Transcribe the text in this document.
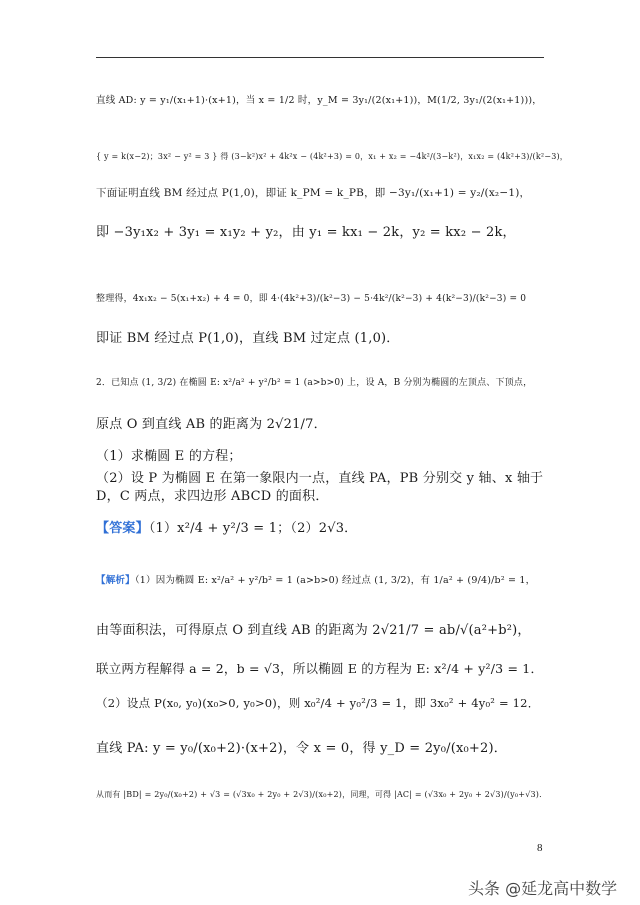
直线 AD: y = y₁/(x₁+1)·(x+1)，当 x = 1/2 时，y_M = 3y₁/(2(x₁+1))，M(1/2, 3y₁/(2(x₁+1)))，
{ y = k(x−2)；3x² − y² = 3 } 得 (3−k²)x² + 4k²x − (4k²+3) = 0，x₁ + x₂ = −4k²/(3−k²)，x₁x₂ = (4k²+3)/(k²−3)，
下面证明直线 BM 经过点 P(1,0)，即证 k_PM = k_PB，即 −3y₁/(x₁+1) = y₂/(x₂−1)，
即 −3y₁x₂ + 3y₁ = x₁y₂ + y₂，由 y₁ = kx₁ − 2k，y₂ = kx₂ − 2k，
整理得，4x₁x₂ − 5(x₁+x₂) + 4 = 0，即 4·(4k²+3)/(k²−3) − 5·4k²/(k²−3) + 4(k²−3)/(k²−3) = 0
即证 BM 经过点 P(1,0)，直线 BM 过定点 (1,0)．
2．已知点 (1, 3/2) 在椭圆 E: x²/a² + y²/b² = 1 (a>b>0) 上，设 A，B 分别为椭圆的左顶点、下顶点，
原点 O 到直线 AB 的距离为 2√21/7．
（1）求椭圆 E 的方程；
（2）设 P 为椭圆 E 在第一象限内一点，直线 PA，PB 分别交 y 轴、x 轴于 D，C 两点，求四边形 ABCD 的面积．
【答案】（1）x²/4 + y²/3 = 1；（2）2√3．
【解析】（1）因为椭圆 E: x²/a² + y²/b² = 1 (a>b>0) 经过点 (1, 3/2)，有 1/a² + (9/4)/b² = 1，
由等面积法，可得原点 O 到直线 AB 的距离为 2√21/7 = ab/√(a²+b²)，
联立两方程解得 a = 2，b = √3，所以椭圆 E 的方程为 E: x²/4 + y²/3 = 1．
（2）设点 P(x₀, y₀)(x₀>0, y₀>0)，则 x₀²/4 + y₀²/3 = 1，即 3x₀² + 4y₀² = 12．
直线 PA: y = y₀/(x₀+2)·(x+2)，令 x = 0，得 y_D = 2y₀/(x₀+2)．
从而有 |BD| = 2y₀/(x₀+2) + √3 = (√3x₀ + 2y₀ + 2√3)/(x₀+2)，同理，可得 |AC| = (√3x₀ + 2y₀ + 2√3)/(y₀+√3)．
8
头条 @延龙高中数学
